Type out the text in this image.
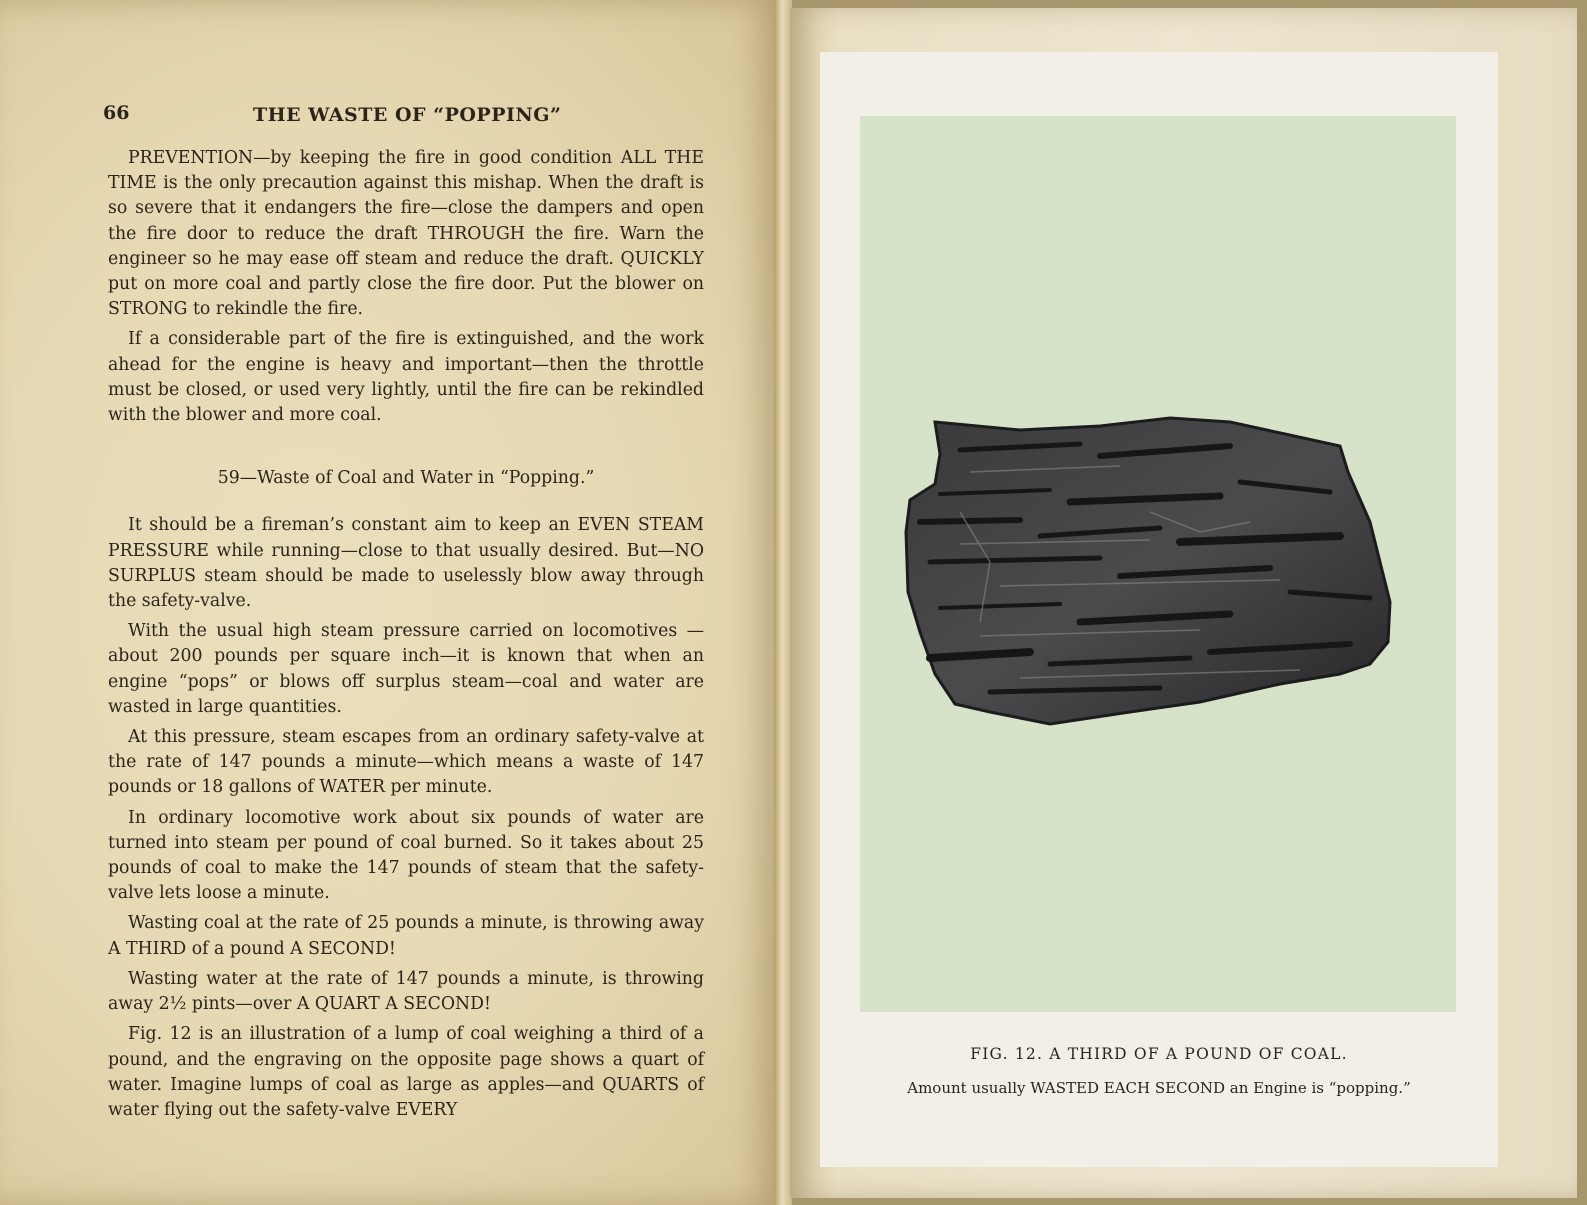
66	THE WASTE OF “POPPING”

PREVENTION—by keeping the fire in good condition ALL THE TIME is the only precaution against this mishap. When the draft is so severe that it endangers the fire—close the dampers and open the fire door to reduce the draft THROUGH the fire. Warn the engineer so he may ease off steam and reduce the draft. QUICKLY put on more coal and partly close the fire door. Put the blower on STRONG to rekindle the fire.

If a considerable part of the fire is extinguished, and the work ahead for the engine is heavy and important—then the throttle must be closed, or used very lightly, until the fire can be rekindled with the blower and more coal.

59—Waste of Coal and Water in “Popping.”

It should be a fireman’s constant aim to keep an EVEN STEAM PRESSURE while running—close to that usually desired. But—NO SURPLUS steam should be made to uselessly blow away through the safety-valve.

With the usual high steam pressure carried on locomotives —about 200 pounds per square inch—it is known that when an engine “pops” or blows off surplus steam—coal and water are wasted in large quantities.

At this pressure, steam escapes from an ordinary safety-valve at the rate of 147 pounds a minute—which means a waste of 147 pounds or 18 gallons of WATER per minute.

In ordinary locomotive work about six pounds of water are turned into steam per pound of coal burned. So it takes about 25 pounds of coal to make the 147 pounds of steam that the safety-valve lets loose a minute.

Wasting coal at the rate of 25 pounds a minute, is throwing away A THIRD of a pound A SECOND!

Wasting water at the rate of 147 pounds a minute, is throwing away 2½ pints—over A QUART A SECOND!

Fig. 12 is an illustration of a lump of coal weighing a third of a pound, and the engraving on the opposite page shows a quart of water. Imagine lumps of coal as large as apples—and QUARTS of water flying out the safety-valve EVERY

FIG. 12. A THIRD OF A POUND OF COAL.
Amount usually WASTED EACH SECOND an Engine is “popping.”
